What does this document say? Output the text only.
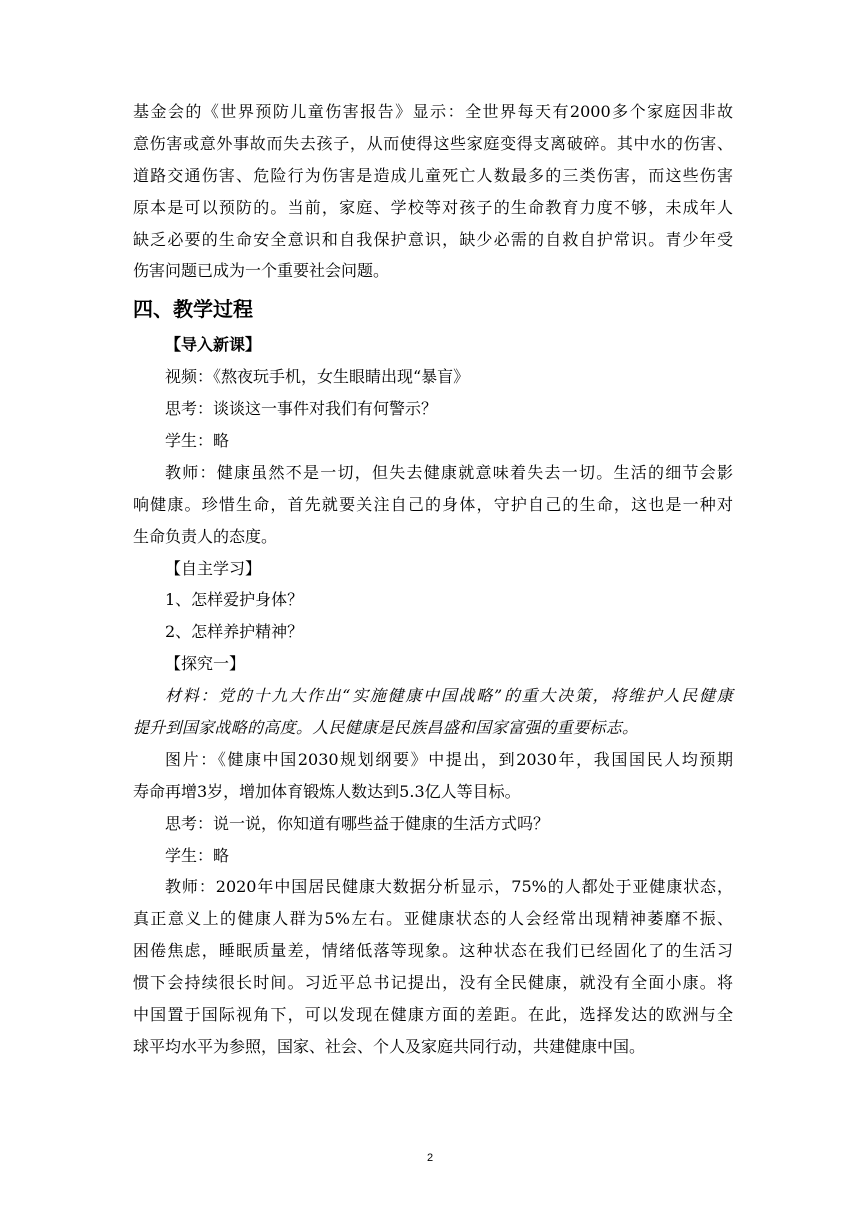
基金会的《世界预防儿童伤害报告》显示：全世界每天有2000多个家庭因非故
意伤害或意外事故而失去孩子，从而使得这些家庭变得支离破碎。其中水的伤害、
道路交通伤害、危险行为伤害是造成儿童死亡人数最多的三类伤害，而这些伤害
原本是可以预防的。当前，家庭、学校等对孩子的生命教育力度不够，未成年人
缺乏必要的生命安全意识和自我保护意识，缺少必需的自救自护常识。青少年受
伤害问题已成为一个重要社会问题。
四、教学过程
【导入新课】
视频：《熬夜玩手机，女生眼睛出现“暴盲》
思考：谈谈这一事件对我们有何警示？
学生：略
教师：健康虽然不是一切，但失去健康就意味着失去一切。生活的细节会影
响健康。珍惜生命，首先就要关注自己的身体，守护自己的生命，这也是一种对
生命负责人的态度。
【自主学习】
1、怎样爱护身体？
2、怎样养护精神？
【探究一】
材料：党的十九大作出“实施健康中国战略”的重大决策，将维护人民健康
提升到国家战略的高度。人民健康是民族昌盛和国家富强的重要标志。
图片：《健康中国2030规划纲要》中提出，到2030年，我国国民人均预期
寿命再增3岁，增加体育锻炼人数达到5.3亿人等目标。
思考：说一说，你知道有哪些益于健康的生活方式吗？
学生：略
教师：2020年中国居民健康大数据分析显示，75%的人都处于亚健康状态，
真正意义上的健康人群为5%左右。亚健康状态的人会经常出现精神萎靡不振、
困倦焦虑，睡眠质量差，情绪低落等现象。这种状态在我们已经固化了的生活习
惯下会持续很长时间。习近平总书记提出，没有全民健康，就没有全面小康。将
中国置于国际视角下，可以发现在健康方面的差距。在此，选择发达的欧洲与全
球平均水平为参照，国家、社会、个人及家庭共同行动，共建健康中国。
2
